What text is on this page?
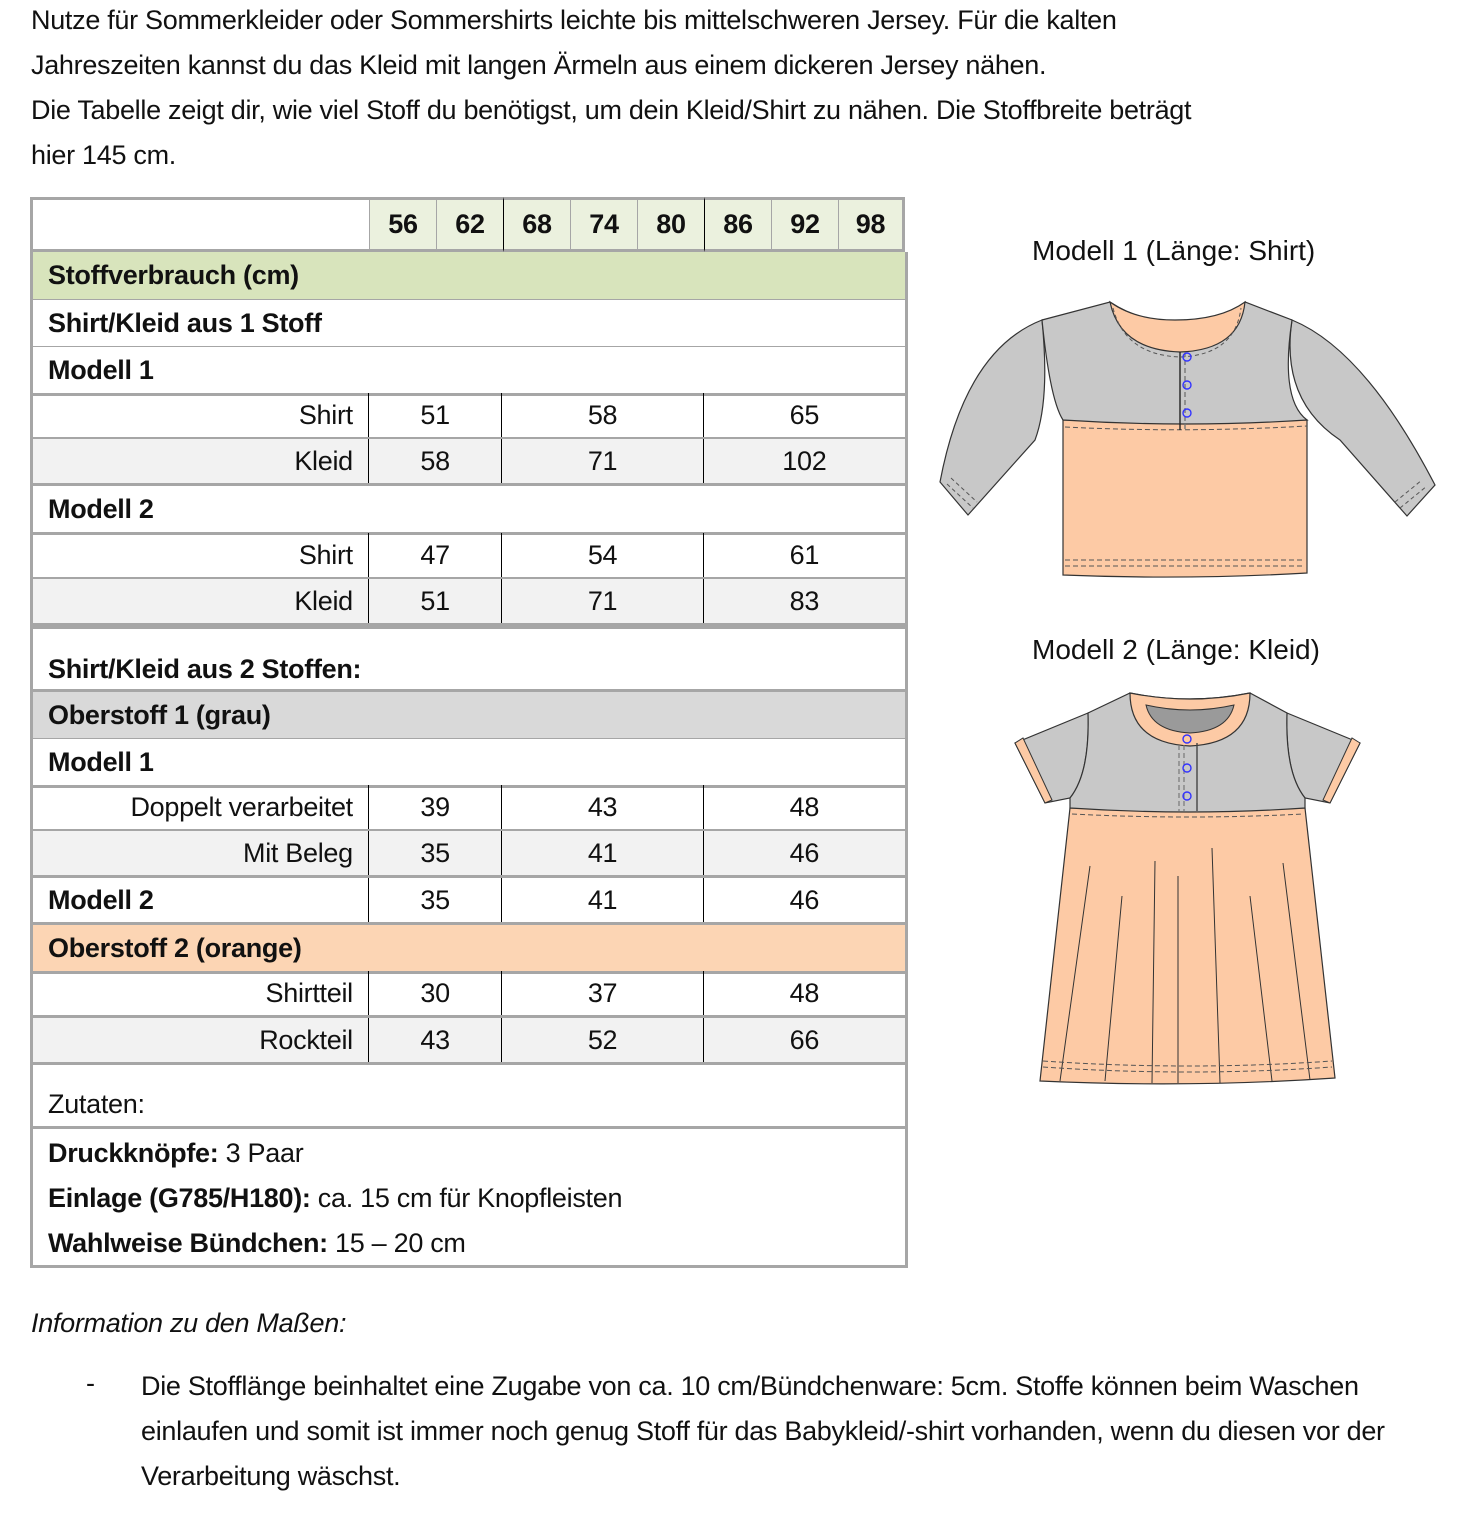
Nutze für Sommerkleider oder Sommershirts leichte bis mittelschweren Jersey. Für die kalten

Jahreszeiten kannst du das Kleid mit langen Ärmeln aus einem dickeren Jersey nähen.

Die Tabelle zeigt dir, wie viel Stoff du benötigst, um dein Kleid/Shirt zu nähen. Die Stoffbreite beträgt

hier 145 cm.

56	62	68	74	80	86	92	98
Stoffverbrauch (cm)
Shirt/Kleid aus 1 Stoff
Modell 1
Shirt	51	58	65
Kleid	58	71	102
Modell 2
Shirt	47	54	61
Kleid	51	71	83
Shirt/Kleid aus 2 Stoffen:
Oberstoff 1 (grau)
Modell 1
Doppelt verarbeitet	39	43	48
Mit Beleg	35	41	46
Modell 2	35	41	46
Oberstoff 2 (orange)
Shirtteil	30	37	48
Rockteil	43	52	66
Zutaten:
Druckknöpfe: 3 Paar
Einlage (G785/H180): ca. 15 cm für Knopfleisten
Wahlweise Bündchen: 15 – 20 cm
Modell 1 (Länge: Shirt)
Modell 2 (Länge: Kleid)
Information zu den Maßen:
- Die Stofflänge beinhaltet eine Zugabe von ca. 10 cm/Bündchenware: 5cm. Stoffe können beim Waschen einlaufen und somit ist immer noch genug Stoff für das Babykleid/-shirt vorhanden, wenn du diesen vor der Verarbeitung wäschst.
